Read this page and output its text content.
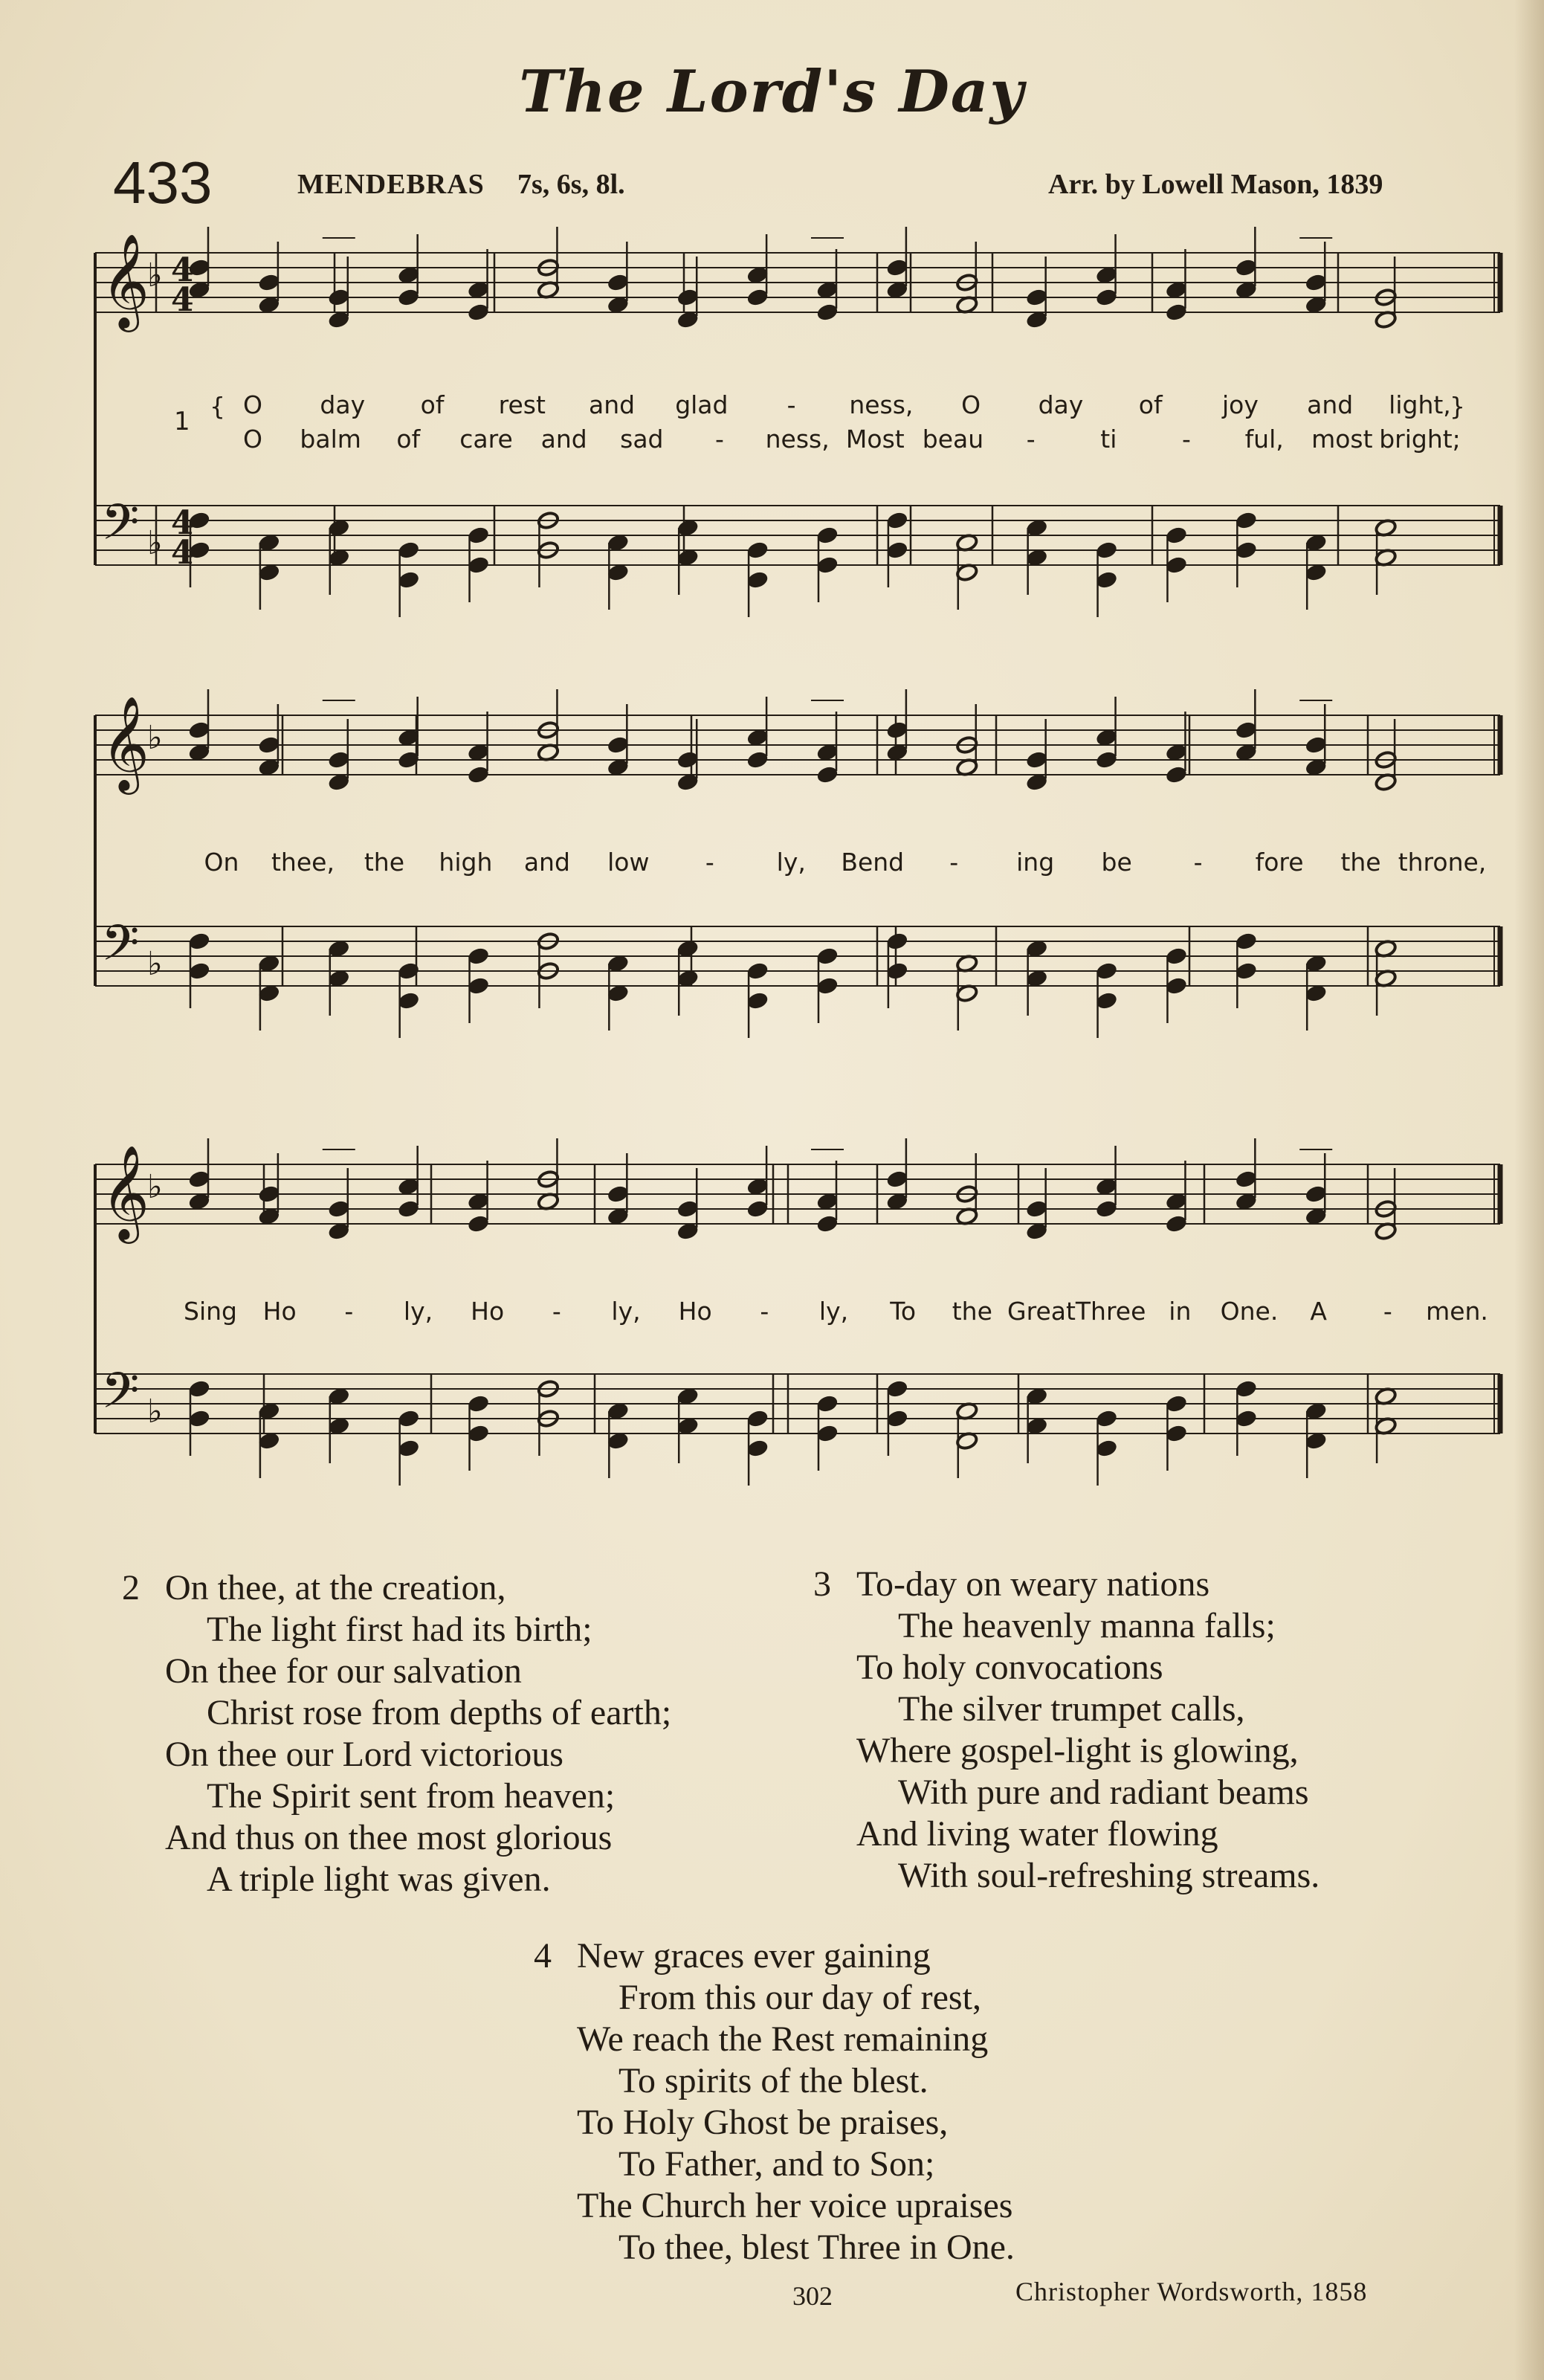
The Lord's Day
433	MENDEBRAS 7s, 6s, 8l.	Arr. by Lowell Mason, 1839
𝄞
𝄢
♭
♭
𝄞
𝄢
♭
♭
𝄞
𝄢
♭
♭
4
4
4
4
1
{	}
O day of rest and glad - ness, O day of joy and light,
O balm of care and sad - ness, Most beau -	ti	- ful, most bright;
On thee, the high and low -	ly, Bend - ing be	- fore the throne,
Sing Ho - ly, Ho - ly, Ho - ly, To the Great Three in One. A - men.
2 On thee, at the creation,
The light first had its birth;
On thee for our salvation
Christ rose from depths of earth;
On thee our Lord victorious
The Spirit sent from heaven;
And thus on thee most glorious
A triple light was given.
3 To-day on weary nations
The heavenly manna falls;
To holy convocations
The silver trumpet calls,
Where gospel-light is glowing,
With pure and radiant beams
And living water flowing
With soul-refreshing streams.
4 New graces ever gaining
From this our day of rest,
We reach the Rest remaining
To spirits of the blest.
To Holy Ghost be praises,
To Father, and to Son;
The Church her voice upraises
To thee, blest Three in One.
302	Christopher Wordsworth, 1858
